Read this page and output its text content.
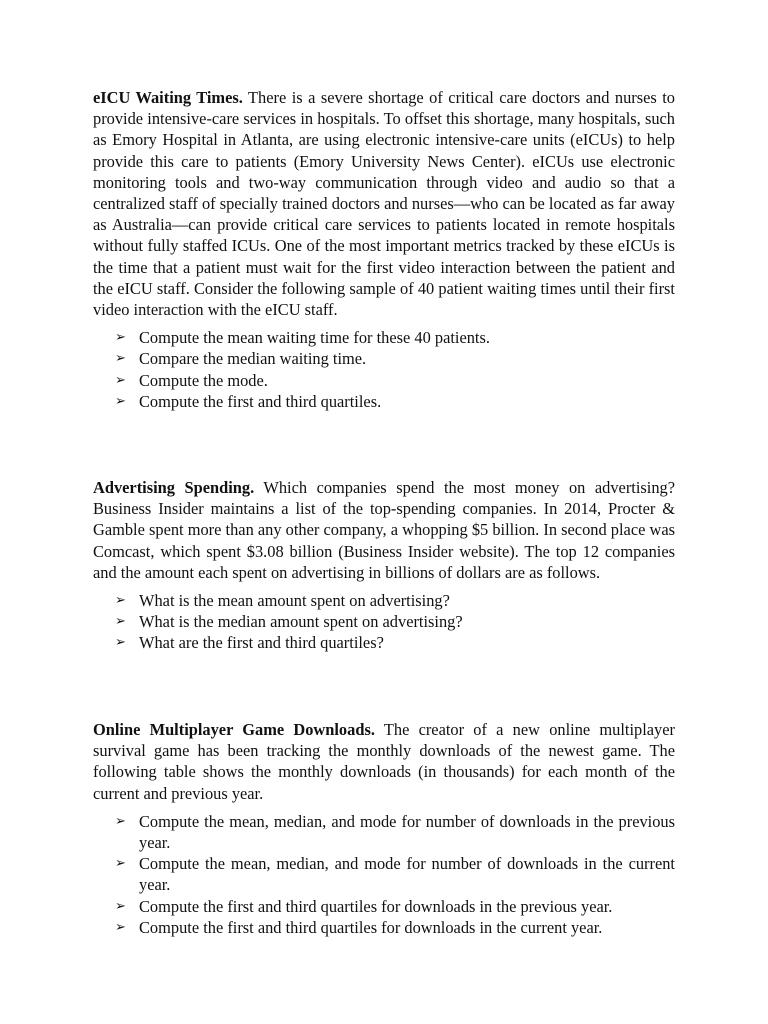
eICU Waiting Times. There is a severe shortage of critical care doctors and nurses to provide intensive-care services in hospitals. To offset this shortage, many hospitals, such as Emory Hospital in Atlanta, are using electronic intensive-care units (eICUs) to help provide this care to patients (Emory University News Center). eICUs use electronic monitoring tools and two-way communication through video and audio so that a centralized staff of specially trained doctors and nurses—who can be located as far away as Australia—can provide critical care services to patients located in remote hospitals without fully staffed ICUs. One of the most important metrics tracked by these eICUs is the time that a patient must wait for the first video interaction between the patient and the eICU staff. Consider the following sample of 40 patient waiting times until their first video interaction with the eICU staff.

➢ Compute the mean waiting time for these 40 patients.
➢ Compare the median waiting time.
➢ Compute the mode.
➢ Compute the first and third quartiles.

Advertising Spending. Which companies spend the most money on advertising? Business Insider maintains a list of the top-spending companies. In 2014, Procter & Gamble spent more than any other company, a whopping $5 billion. In second place was Comcast, which spent $3.08 billion (Business Insider website). The top 12 companies and the amount each spent on advertising in billions of dollars are as follows.

➢ What is the mean amount spent on advertising?
➢ What is the median amount spent on advertising?
➢ What are the first and third quartiles?

Online Multiplayer Game Downloads. The creator of a new online multiplayer survival game has been tracking the monthly downloads of the newest game. The following table shows the monthly downloads (in thousands) for each month of the current and previous year.

➢ Compute the mean, median, and mode for number of downloads in the previous year.
➢ Compute the mean, median, and mode for number of downloads in the current year.
➢ Compute the first and third quartiles for downloads in the previous year.
➢ Compute the first and third quartiles for downloads in the current year.
